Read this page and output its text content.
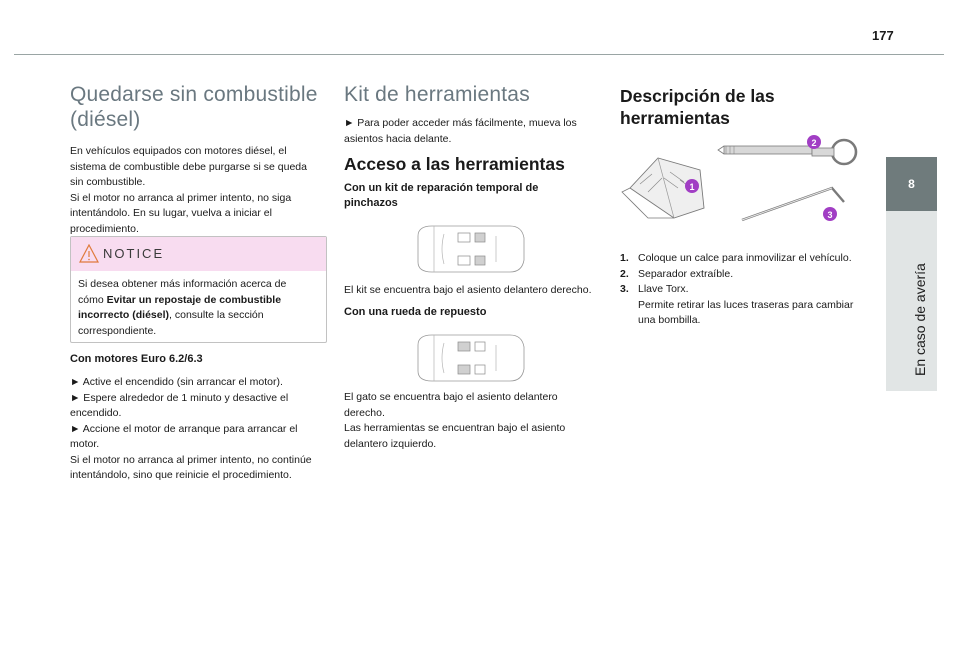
177
8
En caso de avería
Quedarse sin combustible
(diésel)
En vehículos equipados con motores diésel, el
sistema de combustible debe purgarse si se queda
sin combustible.
Si el motor no arranca al primer intento, no siga
intentándolo. En su lugar, vuelva a iniciar el
procedimiento.
NOTICE
Si desea obtener más información acerca de
cómo Evitar un repostaje de combustible
incorrecto (diésel), consulte la sección
correspondiente.
Con motores Euro 6.2/6.3
► Active el encendido (sin arrancar el motor).
► Espere alrededor de 1 minuto y desactive el
encendido.
► Accione el motor de arranque para arrancar el
motor.
Si el motor no arranca al primer intento, no continúe
intentándolo, sino que reinicie el procedimiento.
Kit de herramientas
► Para poder acceder más fácilmente, mueva los
asientos hacia delante.
Acceso a las herramientas
Con un kit de reparación temporal de
pinchazos
El kit se encuentra bajo el asiento delantero derecho.
Con una rueda de repuesto
El gato se encuentra bajo el asiento delantero
derecho.
Las herramientas se encuentran bajo el asiento
delantero izquierdo.
Descripción de las
herramientas
1
2
3
1. Coloque un calce para inmovilizar el vehículo.
2. Separador extraíble.
3. Llave Torx.
Permite retirar las luces traseras para cambiar
una bombilla.
